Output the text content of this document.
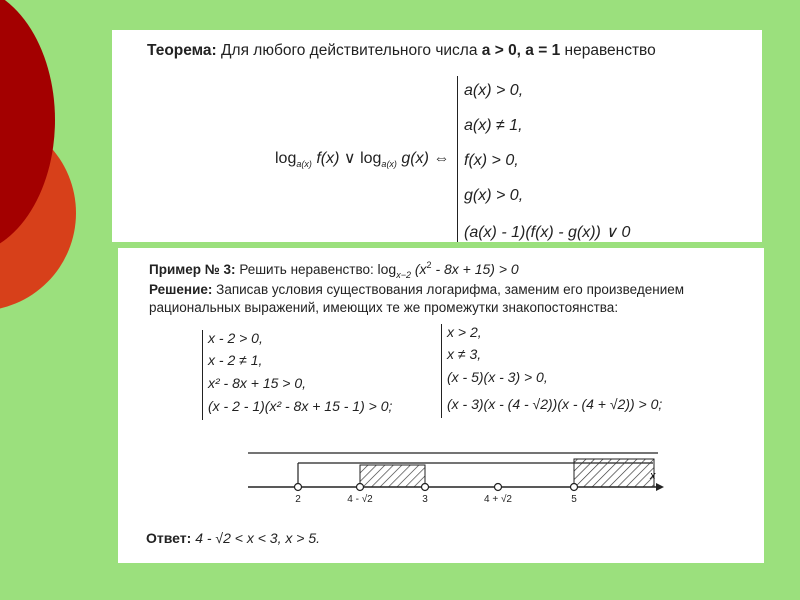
Теорема: Для любого действительного числа a > 0, a = 1 неравенство
$\log_{a(x)} f(x)$ ∨ $\log_{a(x)} g(x)$ ⇔
a(x) > 0,
a(x) ≠ 1,
f(x) > 0,
g(x) > 0,
(a(x) - 1)(f(x) - g(x)) ∨ 0
Пример № 3: Решить неравенство: $\log_{x-2} (x^2 - 8x + 15) > 0$
Решение: Записав условия существования логарифма, заменим его произведением
рациональных выражений, имеющих те же промежутки знакопостоянства:
x - 2 > 0,
x - 2 ≠ 1,
x² - 8x + 15 > 0,
(x - 2 - 1)(x² - 8x + 15 - 1) > 0;
x > 2,
x ≠ 3,
(x - 5)(x - 3) > 0,
(x - 3)(x - (4 - √2))(x - (4 + √2)) > 0;
x
2	4 - √2	3	4 + √2	5
Ответ: 4 - √2 < x < 3, x > 5.
